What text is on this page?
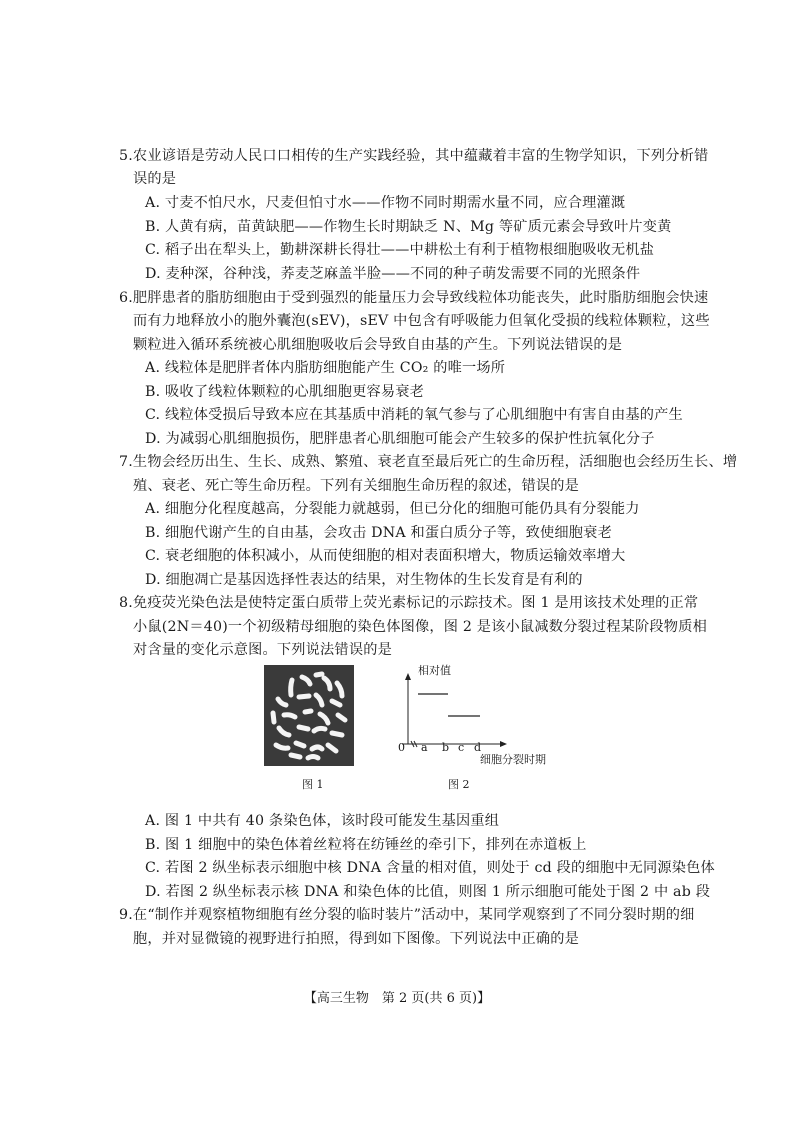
5.农业谚语是劳动人民口口相传的生产实践经验，其中蕴藏着丰富的生物学知识，下列分析错
误的是
A. 寸麦不怕尺水，尺麦但怕寸水——作物不同时期需水量不同，应合理灌溉
B. 人黄有病，苗黄缺肥——作物生长时期缺乏 N、Mg 等矿质元素会导致叶片变黄
C. 稻子出在犁头上，勤耕深耕长得壮——中耕松土有利于植物根细胞吸收无机盐
D. 麦种深，谷种浅，荞麦芝麻盖半脸——不同的种子萌发需要不同的光照条件
6.肥胖患者的脂肪细胞由于受到强烈的能量压力会导致线粒体功能丧失，此时脂肪细胞会快速
而有力地释放小的胞外囊泡(sEV)，sEV 中包含有呼吸能力但氧化受损的线粒体颗粒，这些
颗粒进入循环系统被心肌细胞吸收后会导致自由基的产生。下列说法错误的是
A. 线粒体是肥胖者体内脂肪细胞能产生 CO₂ 的唯一场所
B. 吸收了线粒体颗粒的心肌细胞更容易衰老
C. 线粒体受损后导致本应在其基质中消耗的氧气参与了心肌细胞中有害自由基的产生
D. 为减弱心肌细胞损伤，肥胖患者心肌细胞可能会产生较多的保护性抗氧化分子
7.生物会经历出生、生长、成熟、繁殖、衰老直至最后死亡的生命历程，活细胞也会经历生长、增
殖、衰老、死亡等生命历程。下列有关细胞生命历程的叙述，错误的是
A. 细胞分化程度越高，分裂能力就越弱，但已分化的细胞可能仍具有分裂能力
B. 细胞代谢产生的自由基，会攻击 DNA 和蛋白质分子等，致使细胞衰老
C. 衰老细胞的体积减小，从而使细胞的相对表面积增大，物质运输效率增大
D. 细胞凋亡是基因选择性表达的结果，对生物体的生长发育是有利的
8.免疫荧光染色法是使特定蛋白质带上荧光素标记的示踪技术。图 1 是用该技术处理的正常
小鼠(2N＝40)一个初级精母细胞的染色体图像，图 2 是该小鼠减数分裂过程某阶段物质相
对含量的变化示意图。下列说法错误的是
图 1
相对值
0 a b c d
细胞分裂时期
图 2
A. 图 1 中共有 40 条染色体，该时段可能发生基因重组
B. 图 1 细胞中的染色体着丝粒将在纺锤丝的牵引下，排列在赤道板上
C. 若图 2 纵坐标表示细胞中核 DNA 含量的相对值，则处于 cd 段的细胞中无同源染色体
D. 若图 2 纵坐标表示核 DNA 和染色体的比值，则图 1 所示细胞可能处于图 2 中 ab 段
9.在“制作并观察植物细胞有丝分裂的临时装片”活动中，某同学观察到了不同分裂时期的细
胞，并对显微镜的视野进行拍照，得到如下图像。下列说法中正确的是
【高三生物　第 2 页(共 6 页)】
